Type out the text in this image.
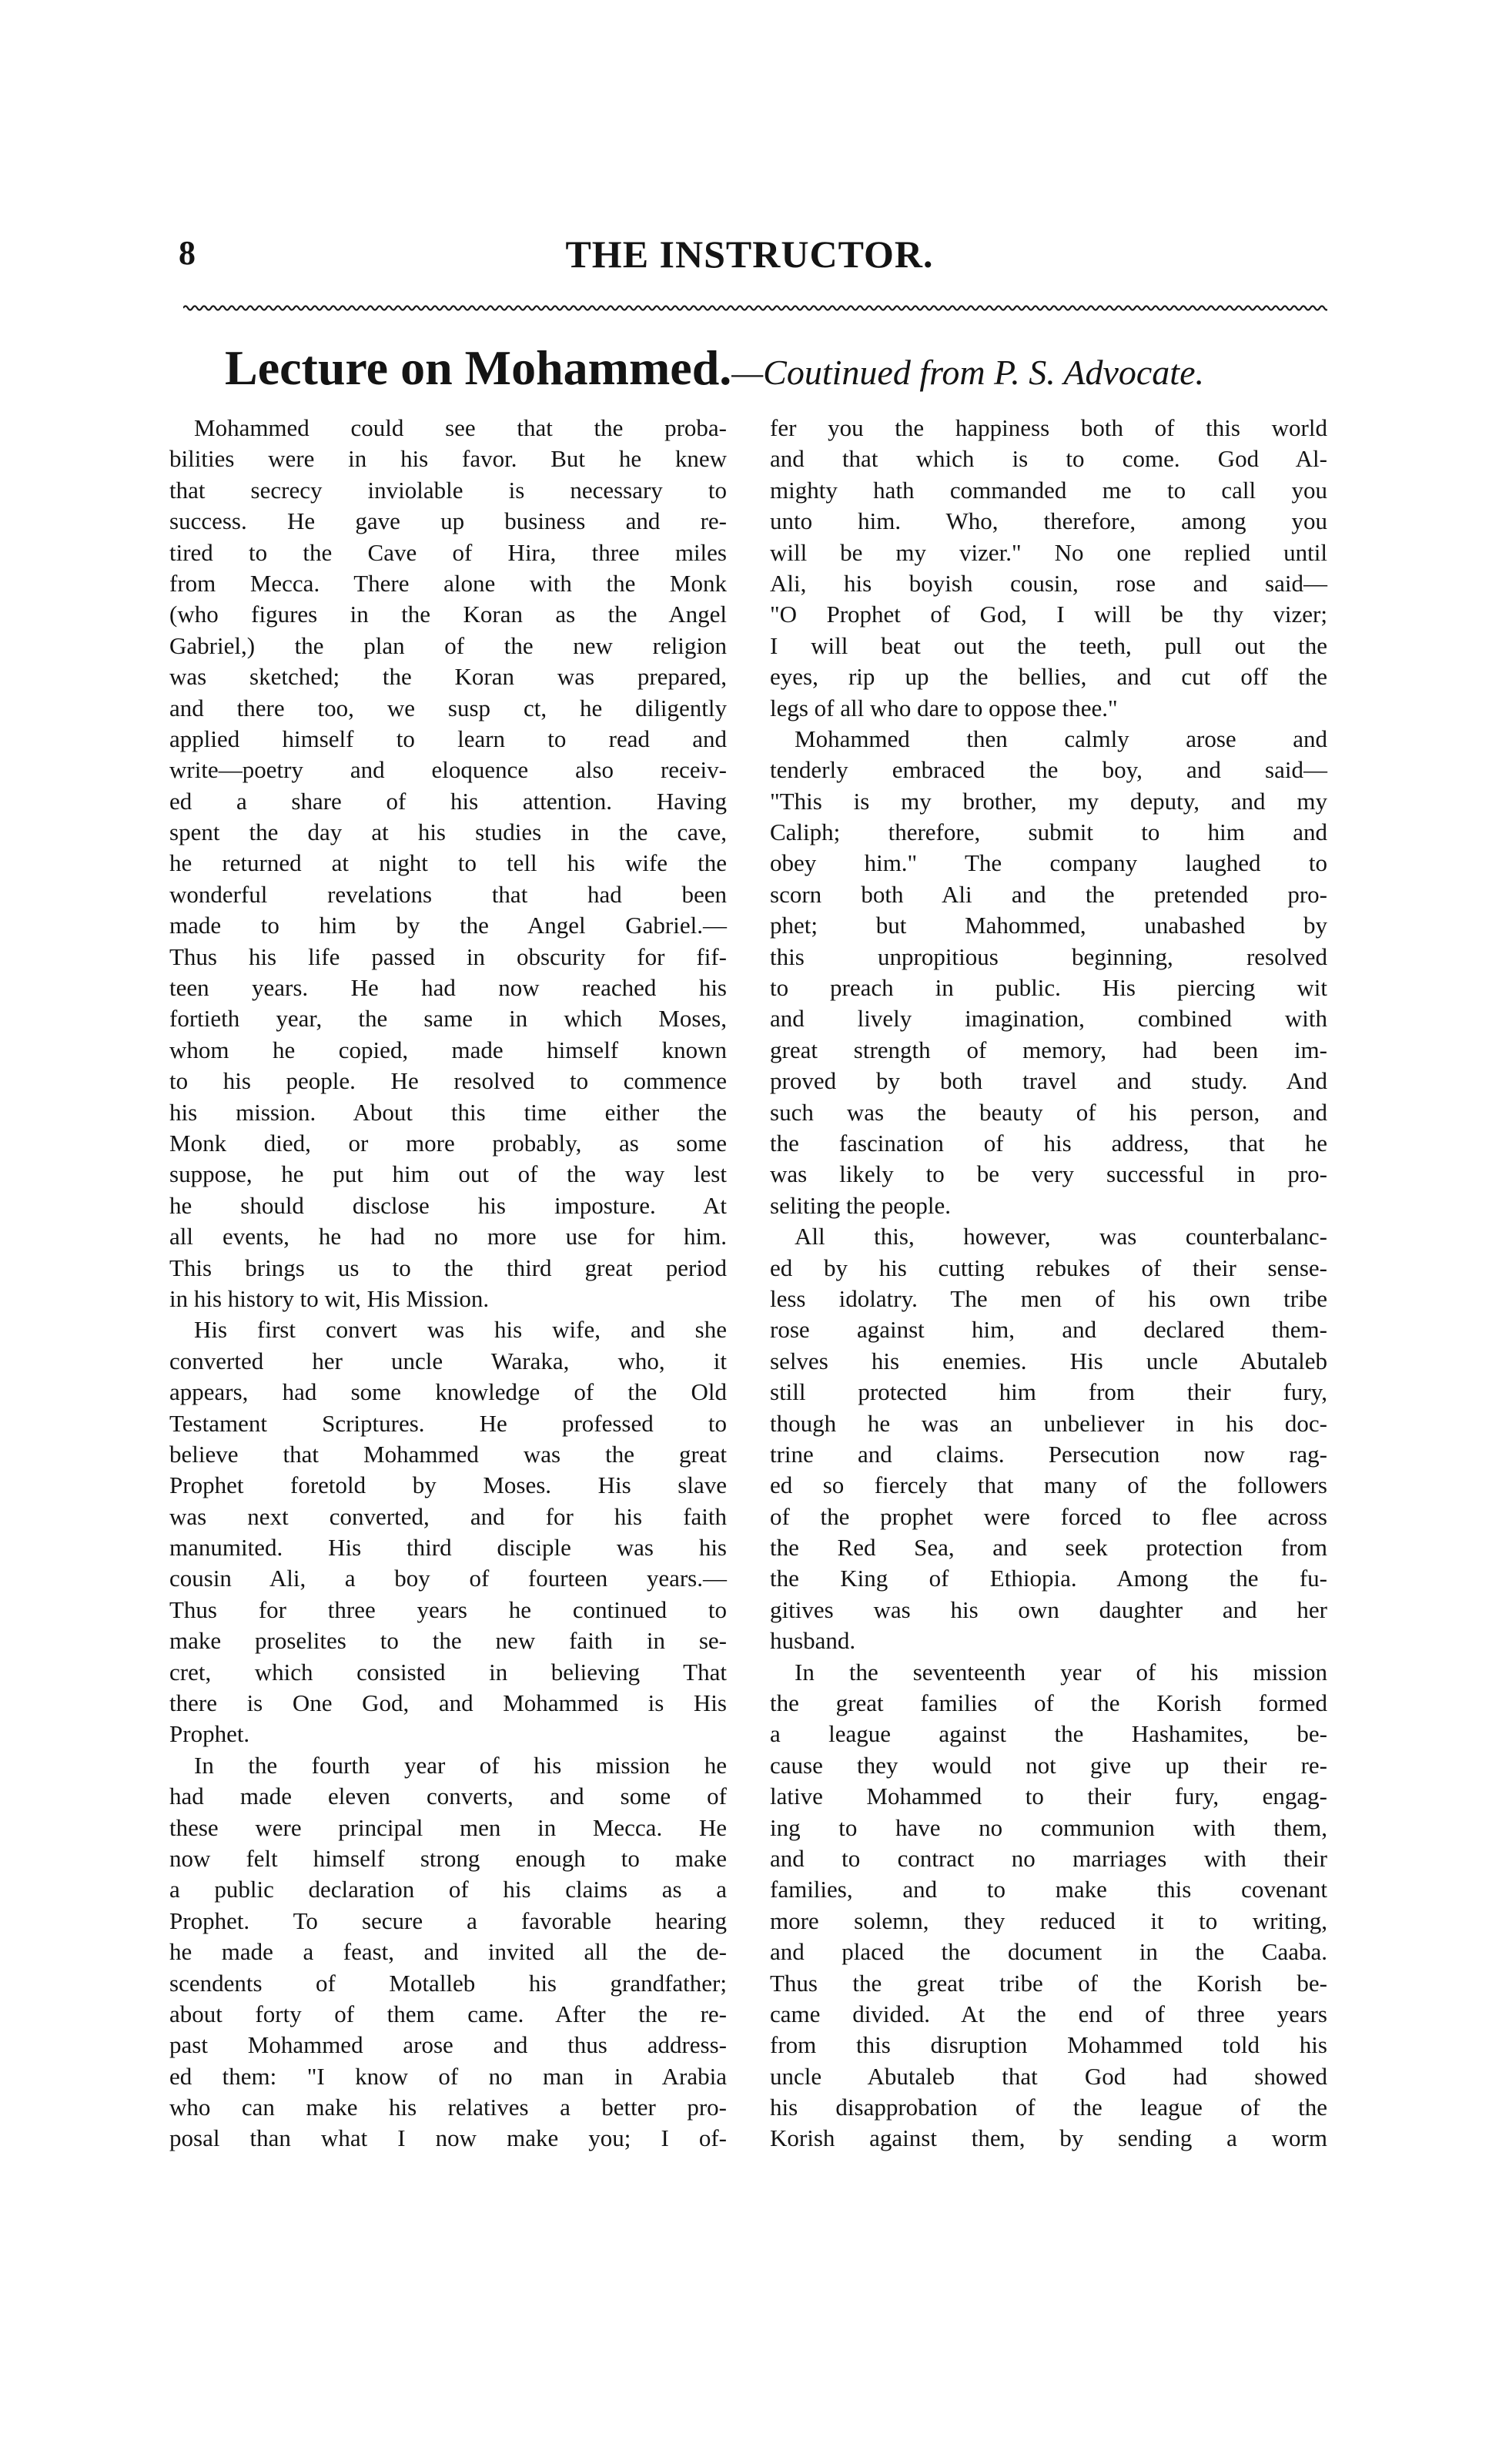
8	THE INSTRUCTOR.
Lecture on Mohammed.—Coutinued from P. S. Advocate.
Mohammed could see that the proba-
bilities were in his favor. But he knew
that secrecy inviolable is necessary to
success. He gave up business and re-
tired to the Cave of Hira, three miles
from Mecca. There alone with the Monk
(who figures in the Koran as the Angel
Gabriel,) the plan of the new religion
was sketched; the Koran was prepared,
and there too, we susp ct, he diligently
applied himself to learn to read and
write—poetry and eloquence also receiv-
ed a share of his attention. Having
spent the day at his studies in the cave,
he returned at night to tell his wife the
wonderful revelations that had been
made to him by the Angel Gabriel.—
Thus his life passed in obscurity for fif-
teen years. He had now reached his
fortieth year, the same in which Moses,
whom he copied, made himself known
to his people. He resolved to commence
his mission. About this time either the
Monk died, or more probably, as some
suppose, he put him out of the way lest
he should disclose his imposture. At
all events, he had no more use for him.
This brings us to the third great period
in his history to wit, His Mission.
His first convert was his wife, and she
converted her uncle Waraka, who, it
appears, had some knowledge of the Old
Testament Scriptures. He professed to
believe that Mohammed was the great
Prophet foretold by Moses. His slave
was next converted, and for his faith
manumited. His third disciple was his
cousin Ali, a boy of fourteen years.—
Thus for three years he continued to
make proselites to the new faith in se-
cret, which consisted in believing That
there is One God, and Mohammed is His
Prophet.
In the fourth year of his mission he
had made eleven converts, and some of
these were principal men in Mecca. He
now felt himself strong enough to make
a public declaration of his claims as a
Prophet. To secure a favorable hearing
he made a feast, and invited all the de-
scendents of Motalleb his grandfather;
about forty of them came. After the re-
past Mohammed arose and thus address-
ed them: "I know of no man in Arabia
who can make his relatives a better pro-
posal than what I now make you; I of-
fer you the happiness both of this world
and that which is to come. God Al-
mighty hath commanded me to call you
unto him. Who, therefore, among you
will be my vizer." No one replied until
Ali, his boyish cousin, rose and said—
"O Prophet of God, I will be thy vizer;
I will beat out the teeth, pull out the
eyes, rip up the bellies, and cut off the
legs of all who dare to oppose thee."
Mohammed then calmly arose and
tenderly embraced the boy, and said—
"This is my brother, my deputy, and my
Caliph; therefore, submit to him and
obey him." The company laughed to
scorn both Ali and the pretended pro-
phet; but Mahommed, unabashed by
this unpropitious beginning, resolved
to preach in public. His piercing wit
and lively imagination, combined with
great strength of memory, had been im-
proved by both travel and study. And
such was the beauty of his person, and
the fascination of his address, that he
was likely to be very successful in pro-
seliting the people.
All this, however, was counterbalanc-
ed by his cutting rebukes of their sense-
less idolatry. The men of his own tribe
rose against him, and declared them-
selves his enemies. His uncle Abutaleb
still protected him from their fury,
though he was an unbeliever in his doc-
trine and claims. Persecution now rag-
ed so fiercely that many of the followers
of the prophet were forced to flee across
the Red Sea, and seek protection from
the King of Ethiopia. Among the fu-
gitives was his own daughter and her
husband.
In the seventeenth year of his mission
the great families of the Korish formed
a league against the Hashamites, be-
cause they would not give up their re-
lative Mohammed to their fury, engag-
ing to have no communion with them,
and to contract no marriages with their
families, and to make this covenant
more solemn, they reduced it to writing,
and placed the document in the Caaba.
Thus the great tribe of the Korish be-
came divided. At the end of three years
from this disruption Mohammed told his
uncle Abutaleb that God had showed
his disapprobation of the league of the
Korish against them, by sending a worm
